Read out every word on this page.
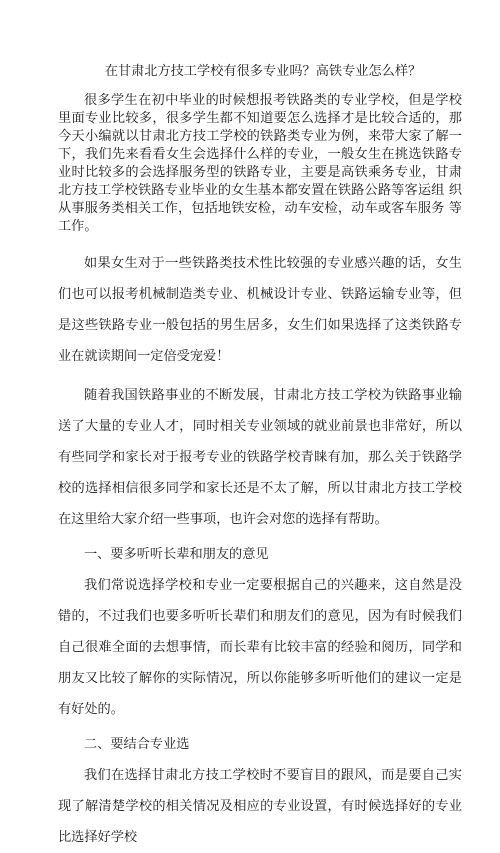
在甘肃北方技工学校有很多专业吗？高铁专业怎么样？

很多学生在初中毕业的时候想报考铁路类的专业学校，但是学校 里面专业比较多，很多学生都不知道要怎么选择才是比较合适的，那 今天小编就以甘肃北方技工学校的铁路类专业为例，来带大家了解一 下，我们先来看看女生会选择什么样的专业，一般女生在挑选铁路专 业时比较多的会选择服务型的铁路专业，主要是高铁乘务专业，甘肃 北方技工学校铁路专业毕业的女生基本都安置在铁路公路等客运组 织从事服务类相关工作，包括地铁安检，动车安检，动车或客车服务 等工作。

如果女生对于一些铁路类技术性比较强的专业感兴趣的话，女生 们也可以报考机械制造类专业、机械设计专业、铁路运输专业等，但 是这些铁路专业一般包括的男生居多，女生们如果选择了这类铁路专 业在就读期间一定倍受宠爱！

随着我国铁路事业的不断发展，甘肃北方技工学校为铁路事业输 送了大量的专业人才，同时相关专业领域的就业前景也非常好，所以 有些同学和家长对于报考专业的铁路学校青睐有加，那么关于铁路学 校的选择相信很多同学和家长还是不太了解，所以甘肃北方技工学校 在这里给大家介绍一些事项，也许会对您的选择有帮助。

一、要多听听长辈和朋友的意见

我们常说选择学校和专业一定要根据自己的兴趣来，这自然是没 错的，不过我们也要多听听长辈们和朋友们的意见，因为有时候我们 自己很难全面的去想事情，而长辈有比较丰富的经验和阅历，同学和 朋友又比较了解你的实际情况，所以你能够多听听他们的建议一定是 有好处的。

二、要结合专业选

我们在选择甘肃北方技工学校时不要盲目的跟风，而是要自己实 现了解清楚学校的相关情况及相应的专业设置，有时候选择好的专业 比选择好学校
